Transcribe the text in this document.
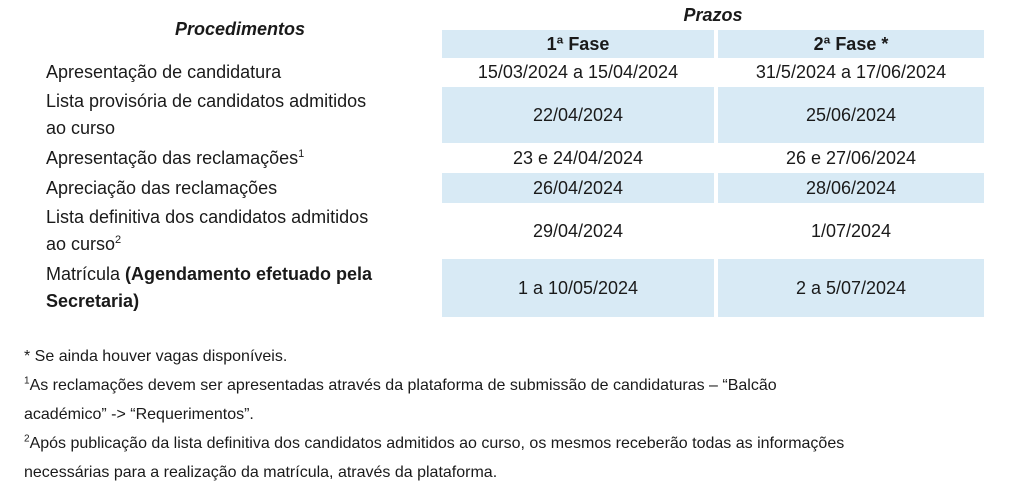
Procedimentos	Prazos	
	1ª Fase	2ª Fase *
Apresentação de candidatura	15/03/2024 a 15/04/2024	31/5/2024 a 17/06/2024
Lista provisória de candidatos admitidos
ao curso	22/04/2024	25/06/2024
Apresentação das reclamações$^1$	23 e 24/04/2024	26 e 27/06/2024
Apreciação das reclamações	26/04/2024	28/06/2024
Lista definitiva dos candidatos admitidos
ao curso$^2$	29/04/2024	1/07/2024
Matrícula (Agendamento efetuado pela
Secretaria)	1 a 10/05/2024	2 a 5/07/2024

* Se ainda houver vagas disponíveis.

$^1$As reclamações devem ser apresentadas através da plataforma de submissão de candidaturas – “Balcão
académico” -> “Requerimentos”.

$^2$Após publicação da lista definitiva dos candidatos admitidos ao curso, os mesmos receberão todas as informações
necessárias para a realização da matrícula, através da plataforma.
